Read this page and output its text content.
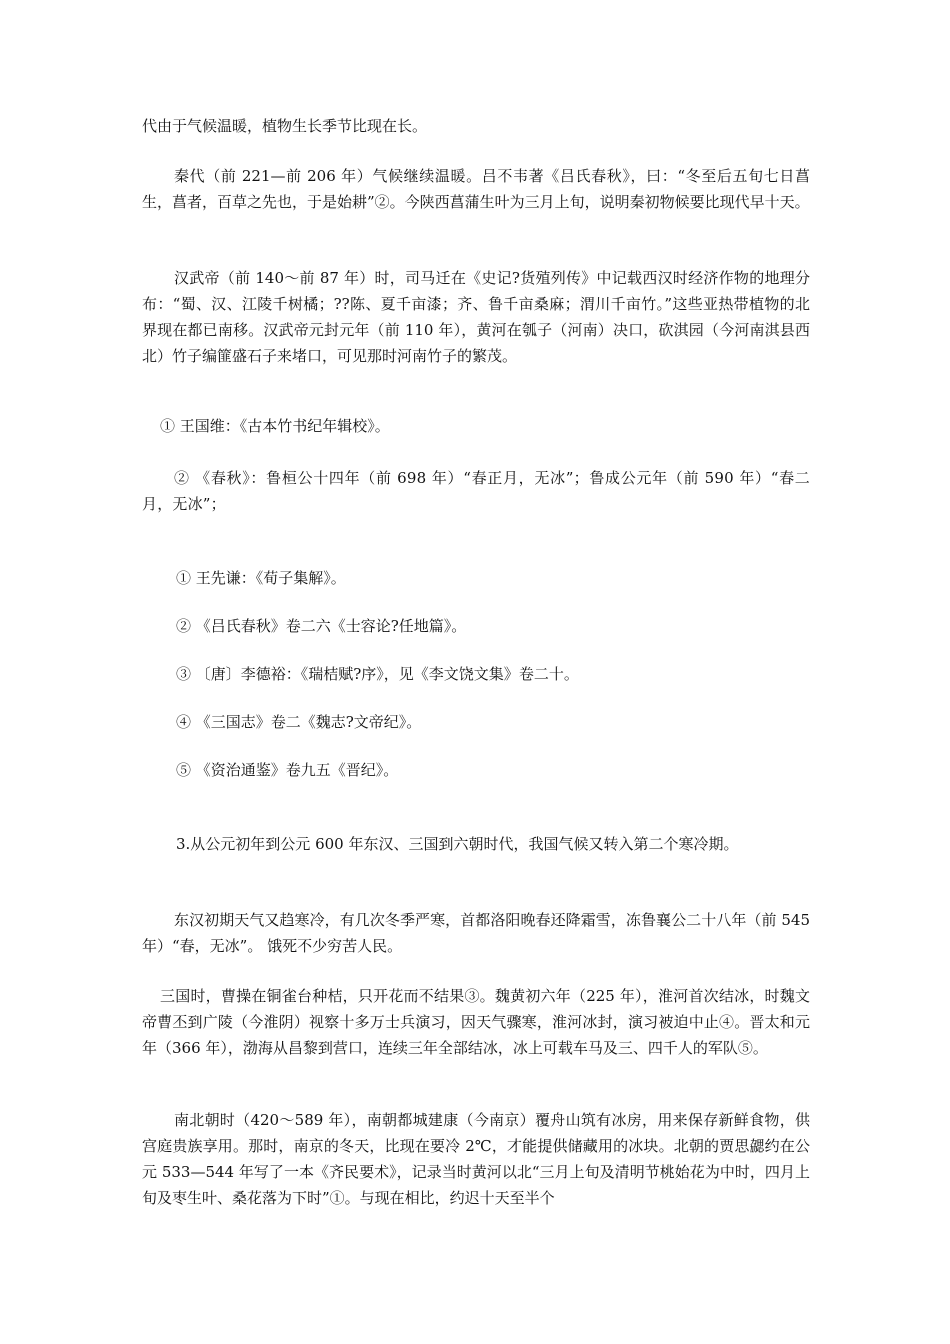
代由于气候温暖，植物生长季节比现在长。

秦代（前 221—前 206 年）气候继续温暖。吕不韦著《吕氏春秋》，曰：“冬至后五旬七日菖生，菖者，百草之先也，于是始耕”②。今陕西菖蒲生叶为三月上旬，说明秦初物候要比现代早十天。

汉武帝（前 140～前 87 年）时，司马迁在《史记?货殖列传》中记载西汉时经济作物的地理分布：“蜀、汉、江陵千树橘；??陈、夏千亩漆；齐、鲁千亩桑麻；渭川千亩竹。”这些亚热带植物的北界现在都已南移。汉武帝元封元年（前 110 年），黄河在瓠子（河南）决口，砍淇园（今河南淇县西北）竹子编篚盛石子来堵口，可见那时河南竹子的繁茂。

① 王国维：《古本竹书纪年辑校》。

② 《春秋》：鲁桓公十四年（前 698 年）“春正月，无冰”；鲁成公元年（前 590 年）“春二月，无冰”；

① 王先谦：《荀子集解》。

② 《吕氏春秋》卷二六《士容论?任地篇》。

③ 〔唐〕李德裕：《瑞桔赋?序》，见《李文饶文集》卷二十。

④ 《三国志》卷二《魏志?文帝纪》。

⑤ 《资治通鉴》卷九五《晋纪》。

3.从公元初年到公元 600 年东汉、三国到六朝时代，我国气候又转入第二个寒冷期。

东汉初期天气又趋寒冷，有几次冬季严寒，首都洛阳晚春还降霜雪，冻鲁襄公二十八年（前 545 年）“春，无冰”。 饿死不少穷苦人民。

三国时，曹操在铜雀台种桔，只开花而不结果③。魏黄初六年（225 年），淮河首次结冰，时魏文帝曹丕到广陵（今淮阴）视察十多万士兵演习，因天气骤寒，淮河冰封，演习被迫中止④。晋太和元年（366 年），渤海从昌黎到营口，连续三年全部结冰，冰上可载车马及三、四千人的军队⑤。

南北朝时（420～589 年），南朝都城建康（今南京）覆舟山筑有冰房，用来保存新鲜食物，供宫庭贵族享用。那时，南京的冬天，比现在要冷 2℃，才能提供储藏用的冰块。北朝的贾思勰约在公元 533—544 年写了一本《齐民要术》，记录当时黄河以北“三月上旬及清明节桃始花为中时，四月上旬及枣生叶、桑花落为下时”①。与现在相比，约迟十天至半个
